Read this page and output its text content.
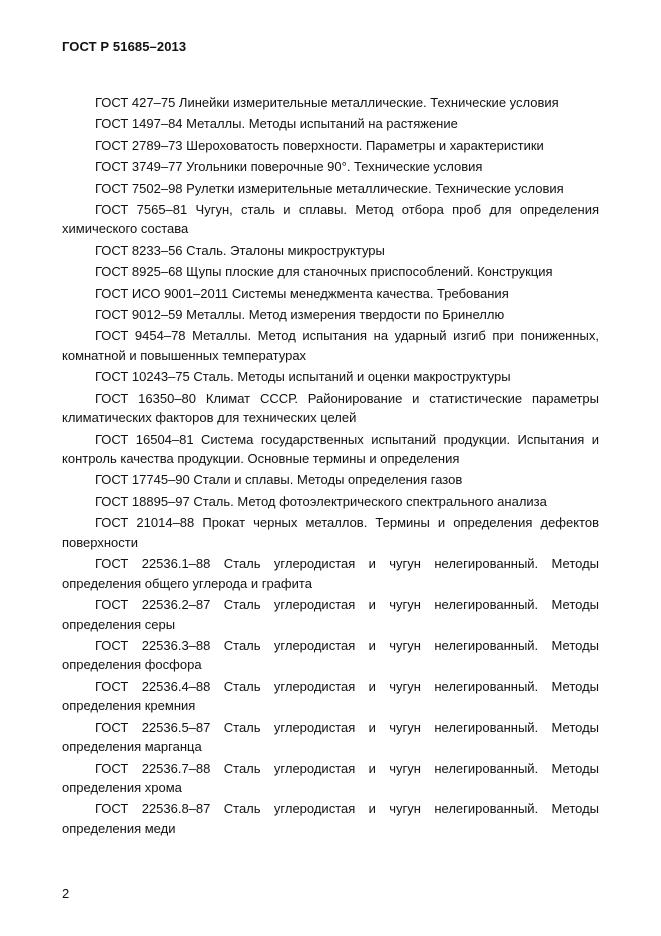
ГОСТ Р 51685–2013
ГОСТ 427–75 Линейки измерительные металлические. Технические условия
ГОСТ 1497–84 Металлы. Методы испытаний на растяжение
ГОСТ 2789–73 Шероховатость поверхности. Параметры и характеристики
ГОСТ 3749–77 Угольники поверочные 90°. Технические условия
ГОСТ 7502–98 Рулетки измерительные металлические. Технические условия
ГОСТ 7565–81 Чугун, сталь и сплавы. Метод отбора проб для определения химического состава
ГОСТ 8233–56 Сталь. Эталоны микроструктуры
ГОСТ 8925–68 Щупы плоские для станочных приспособлений. Конструкция
ГОСТ ИСО 9001–2011 Системы менеджмента качества. Требования
ГОСТ 9012–59 Металлы. Метод измерения твердости по Бринеллю
ГОСТ 9454–78 Металлы. Метод испытания на ударный изгиб при пониженных, комнатной и повышенных температурах
ГОСТ 10243–75 Сталь. Методы испытаний и оценки макроструктуры
ГОСТ 16350–80 Климат СССР. Районирование и статистические параметры климатических факторов для технических целей
ГОСТ 16504–81 Система государственных испытаний продукции. Испытания и контроль качества продукции. Основные термины и определения
ГОСТ 17745–90 Стали и сплавы. Методы определения газов
ГОСТ 18895–97 Сталь. Метод фотоэлектрического спектрального анализа
ГОСТ 21014–88 Прокат черных металлов. Термины и определения дефектов поверхности
ГОСТ 22536.1–88 Сталь углеродистая и чугун нелегированный. Методы определения общего углерода и графита
ГОСТ 22536.2–87 Сталь углеродистая и чугун нелегированный. Методы определения серы
ГОСТ 22536.3–88 Сталь углеродистая и чугун нелегированный. Методы определения фосфора
ГОСТ 22536.4–88 Сталь углеродистая и чугун нелегированный. Методы определения кремния
ГОСТ 22536.5–87 Сталь углеродистая и чугун нелегированный. Методы определения марганца
ГОСТ 22536.7–88 Сталь углеродистая и чугун нелегированный. Методы определения хрома
ГОСТ 22536.8–87 Сталь углеродистая и чугун нелегированный. Методы определения меди
2
